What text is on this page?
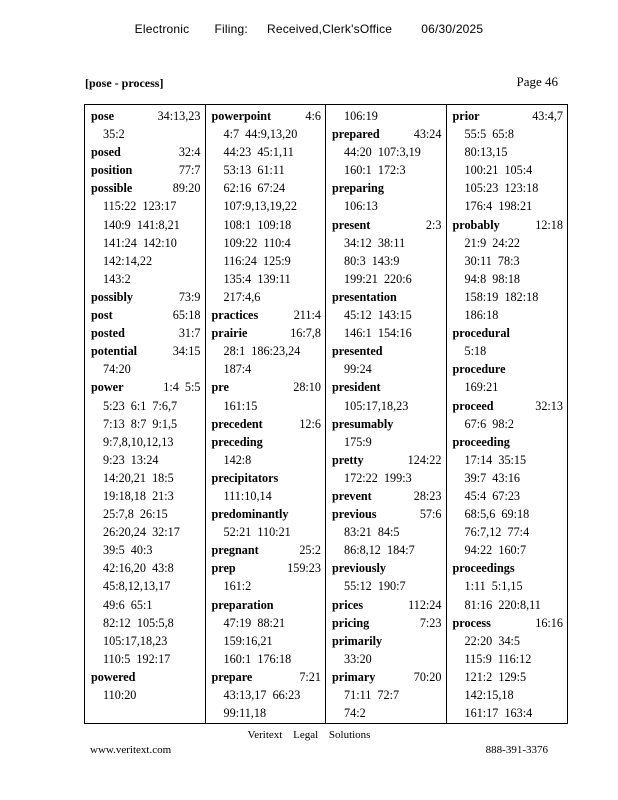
Electronic Filing: Received,Clerk'sOffice 06/30/2025
[pose - process]	Page 46
pose	34:13,23
35:2
posed	32:4
position	77:7
possible	89:20
115:22  123:17
140:9  141:8,21
141:24  142:10
142:14,22
143:2
possibly	73:9
post	65:18
posted	31:7
potential	34:15
74:20
power	1:4  5:5
5:23  6:1  7:6,7
7:13  8:7  9:1,5
9:7,8,10,12,13
9:23  13:24
14:20,21  18:5
19:18,18  21:3
25:7,8  26:15
26:20,24  32:17
39:5  40:3
42:16,20  43:8
45:8,12,13,17
49:6  65:1
82:12  105:5,8
105:17,18,23
110:5  192:17
powered
110:20
powerpoint	4:6
4:7  44:9,13,20
44:23  45:1,11
53:13  61:11
62:16  67:24
107:9,13,19,22
108:1  109:18
109:22  110:4
116:24  125:9
135:4  139:11
217:4,6
practices	211:4
prairie	16:7,8
28:1  186:23,24
187:4
pre	28:10
161:15
precedent	12:6
preceding
142:8
precipitators
111:10,14
predominantly
52:21  110:21
pregnant	25:2
prep	159:23
161:2
preparation
47:19  88:21
159:16,21
160:1  176:18
prepare	7:21
43:13,17  66:23
99:11,18
106:19
prepared	43:24
44:20  107:3,19
160:1  172:3
preparing
106:13
present	2:3
34:12  38:11
80:3  143:9
199:21  220:6
presentation
45:12  143:15
146:1  154:16
presented
99:24
president
105:17,18,23
presumably
175:9
pretty	124:22
172:22  199:3
prevent	28:23
previous	57:6
83:21  84:5
86:8,12  184:7
previously
55:12  190:7
prices	112:24
pricing	7:23
primarily
33:20
primary	70:20
71:11  72:7
74:2
prior	43:4,7
55:5  65:8
80:13,15
100:21  105:4
105:23  123:18
176:4  198:21
probably	12:18
21:9  24:22
30:11  78:3
94:8  98:18
158:19  182:18
186:18
procedural
5:18
procedure
169:21
proceed	32:13
67:6  98:2
proceeding
17:14  35:15
39:7  43:16
45:4  67:23
68:5,6  69:18
76:7,12  77:4
94:22  160:7
proceedings
1:11  5:1,15
81:16  220:8,11
process	16:16
22:20  34:5
115:9  116:12
121:2  129:5
142:15,18
161:17  163:4
Veritext Legal Solutions
www.veritext.com	888-391-3376
